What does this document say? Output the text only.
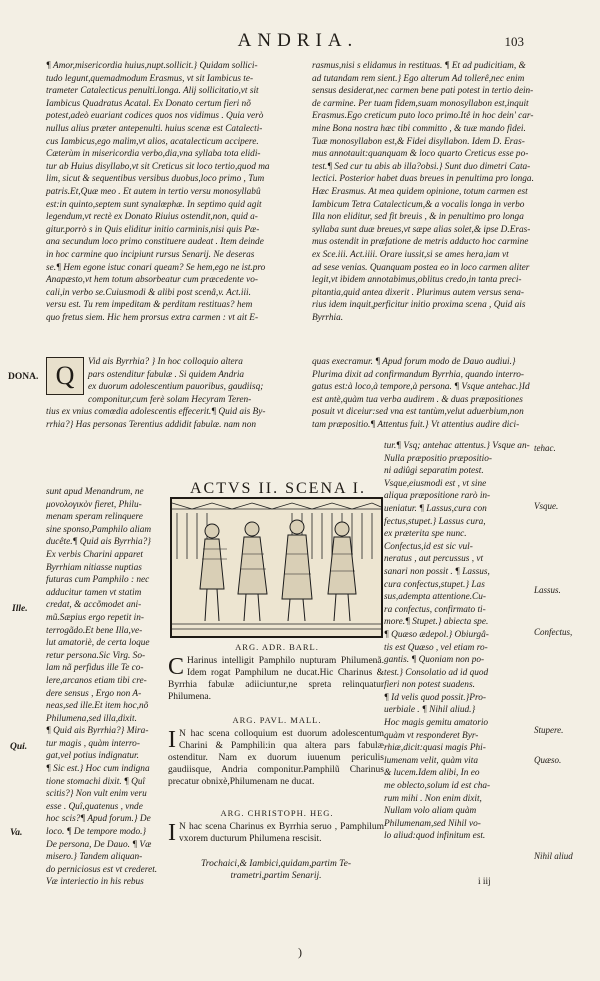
ANDRIA.	103
¶ Amor,misericordia huius,nupt.sollicit.} Quidam sollici-
tudo legunt,quemadmodum Erasmus, vt sit Iambicus te-
trameter Catalecticus penulti.longa. Alij sollicitatio,vt sit
Iambicus Quadratus Acatal. Ex Donato certum fieri nõ
potest,adeò euariant codices quos nos vidimus . Quia verò
nullus alius præter antepenulti. huius scenæ est Catalecti-
cus Iambicus,ego malim,vt alios, acatalecticum accipere.
Cæterùm in misericordia verbo,dia,vna syllaba tota elidi-
tur ab Huius disyllabo,vt sit Creticus sit loco tertio,quod ma
lim, sicut & sequentibus versibus duobus,loco primo , Tum
patris.Et,Quæ meo . Et autem in tertio versu monosyllabû
est:in quinto,septem sunt synalœphæ. In septimo quid agit
legendum,vt rectè ex Donato Riuius ostendit,non, quid a-
gitur.porrò s in Quis eliditur initio carminis,nisi quis Pæ-
ana secundum loco primo constituere audeat . Item deinde
in hoc carmine quo incipiunt rursus Senarij. Ne deseras
se.¶ Hem egone istuc conari queam? Se hem,ego ne ist.pro
Anapæsto,vt hem totum absorbeatur cum præcedente vo-
cali,in verbo se.Cuiusmodi & alibi post scenâ,v. Act.iii.
versu est. Tu rem impeditam & perditam restituas? hem
quo fretus siem. Hic hem prorsus extra carmen : vt ait E-
rasmus,nisi s elidamus in restituas. ¶ Et ad pudicitiam, &
ad tutandam rem sient.} Ego alterum Ad tollerê,nec enim
sensus desiderat,nec carmen bene pati potest in tertio dein-
de carmine. Per tuam fidem,suam monosyllabon est,inquit
Erasmus.Ego creticum puto loco primo.Itê in hoc dein' car-
mine Bona nostra hæc tibi committo , & tuæ mando fidei.
Tuæ monosyllabon est,& Fidei disyllabon. Idem D. Eras-
mus annotauit:quanquam & loco quarto Creticus esse po-
test.¶ Sed cur tu abis ab illa?obsi.} Sunt duo dimetri Cata-
lectici. Posterior habet duas breues in penultima pro longa.
Hæc Erasmus. At mea quidem opinione, totum carmen est
Iambicum Tetra Catalecticum,& a vocalis longa in verbo
Illa non eliditur, sed fit breuis , & in penultimo pro longa
syllaba sunt duæ breues,vt sæpe alias solet,& ipse D.Eras-
mus ostendit in præfatione de metris adducto hoc carmine
ex Sce.iii. Act.iiii. Orare iussit,si se ames hera,iam vt
ad sese venias. Quanquam postea eo in loco carmen aliter
legit,vt ibidem annotabimus,oblitus credo,in tanta preci-
pitantia,quid antea dixerit . Plurimus autem versus sena-
rius idem inquit,perficitur initio proxima scena , Quid ais
Byrrhia.
DONA.
Ille.
Qui.
Va.
Q	Vid ais Byrrhia? } In hoc colloquio altera
pars ostenditur fabulæ . Si quidem Andria
ex duorum adolescentium pauoribus, gaudiisq;
componitur,cum ferè solam Hecyram Teren-
tius ex vnius comœdia adolescentis effecerit.¶ Quid ais By-
rrhia?} Has personas Terentius addidit fabulæ. nam non
quas execramur. ¶ Apud forum modo de Dauo audiui.}
Plurima dixit ad confirmandum Byrrhia, quando interro-
gatus est:à loco,à tempore,à persona. ¶ Vsque antehac.}Id
est antè,quàm tua verba audirem . & duas præpositiones
posuit vt diceiur:sed vna est tantùm,velut aduerbium,non
tam præpositio.¶ Attentus fuit.} Vt attentius audire dici-
ACTVS II. SCENA I.
sunt apud Menandrum, ne
μονολογικὸν fieret, Philu-
menam speram relinquere
sine sponso,Pamphilo aliam
ducête.¶ Quid ais Byrrhia?}
Ex verbis Charini apparet
Byrrhiam nitiasse nuptias
futuras cum Pamphilo : nec
adducitur tamen vt statim
credat, & accõmodet ani-
mũ.Sæpius ergo repetit in-
terrogãdo.Et bene Illa,ve-
lut amatoriè, de certa loque
retur persona.Sic Virg. So-
lam nã perfidus ille Te co-
lere,arcanos etiam tibi cre-
dere sensus , Ergo non A-
neas,sed ille.Et item hoc,nõ
Philumena,sed illa,dixit.
¶ Quid ais Byrrhia?} Mira-
tur magis , quàm interro-
gat,vel potius indignatur.
¶ Sic est.} Hoc cum indigna
tione stomachi dixit. ¶ Quî
scitis?} Non vult enim veru
esse . Quî,quatenus , vnde
hoc scis?¶ Apud forum.} De
loco. ¶ De tempore modo.}
De persona, De Dauo. ¶ Væ
misero.} Tandem aliquan-
do perniciosus est vt crederet.
Væ interiectio in his rebus
tur.¶ Vsq; antehac attentus.} Vsque an-
Nulla præpositio præpositio-
ni adiûgi separatim potest.
Vsque,eiusmodi est , vt sine
aliqua præpositione rarò in-
ueniatur. ¶ Lassus,cura con
fectus,stupet.} Lassus cura,
ex præterita spe nunc.
Confectus,id est sic vul-
neratus , aut percussus , vt
sanari non possit . ¶ Lassus,
cura confectus,stupet.} Las
sus,adempta attentione.Cu-
ra confectus, confirmato ti-
more.¶ Stupet.} abiecta spe.
¶ Quæso ædepol.} Obiurgâ-
tis est Quæso , vel etiam ro-
gantis. ¶ Quoniam non po-
test.} Consolatio ad id quod
fieri non potest suadens.
¶ Id velis quod possit.}Pro-
uerbiale . ¶ Nihil aliud.}
Hoc magis gemitu amatorio
quàm vt responderet Byr-
rhiæ,dicit:quasi magis Phi-
lumenam velit, quàm vita
& lucem.Idem alibi, In eo
me oblecto,solum id est cha-
rum mihi . Non enim dixit,
Nullam volo aliam quàm
Philumenam,sed Nihil vo-
lo aliud:quod infinitum est.
tehac.
Vsque.
Confectus,
Lassus.
Stupere.
Quæso.
Nihil aliud
ARG. ADR. BARL.
C Harinus intelligit Pamphilo nupturam Philumenã. Idem rogat Pamphilum ne ducat.Hic Charinus & Byrrhia fabulæ adiiciuntur,ne spreta relinquatur Philumena.
ARG. PAVL. MALL.
I N hac scena colloquium est duorum adolescentum Charini & Pamphili:in qua altera pars fabulæ ostenditur. Nam ex duorum iuuenum periculis gaudiisque, Andria componitur.Pamphilũ Charinus precatur obnixè,Philumenam ne ducat.
ARG. CHRISTOPH. HEG.
I N hac scena Charinus ex Byrrhia seruo , Pamphilum vxorem ducturum Philumena rescisit.
Trochaici,& Iambici,quidam,partim Te-
trametri,partim Senarij.
i iij
)
